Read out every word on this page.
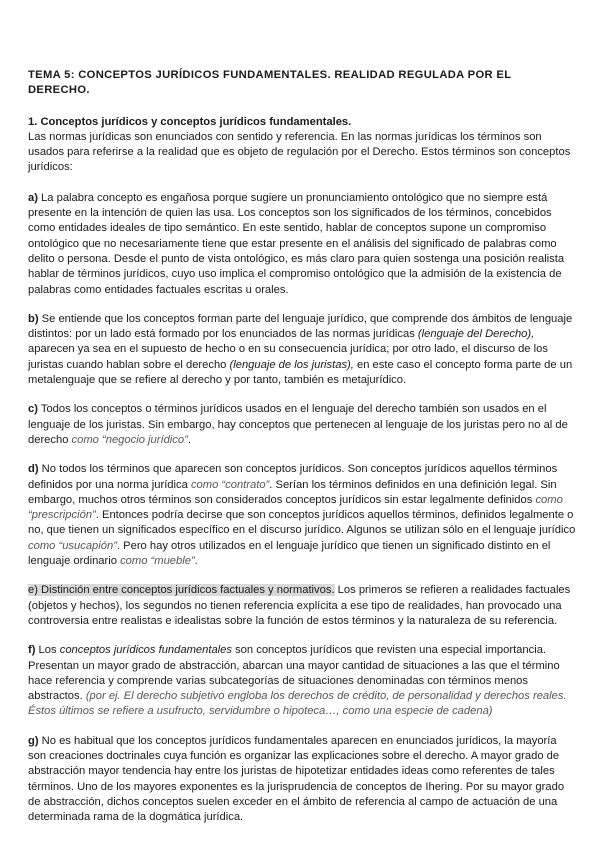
TEMA 5: CONCEPTOS JURÍDICOS FUNDAMENTALES. REALIDAD REGULADA POR EL DERECHO.
1. Conceptos jurídicos y conceptos jurídicos fundamentales.

Las normas jurídicas son enunciados con sentido y referencia. En las normas jurídicas los términos son usados para referirse a la realidad que es objeto de regulación por el Derecho. Estos términos son conceptos jurídicos:

a) La palabra concepto es engañosa porque sugiere un pronunciamiento ontológico que no siempre está presente en la intención de quien las usa. Los conceptos son los significados de los términos, concebidos como entidades ideales de tipo semántico. En este sentido, hablar de conceptos supone un compromiso ontológico que no necesariamente tiene que estar presente en el análisis del significado de palabras como delito o persona. Desde el punto de vista ontológico, es más claro para quien sostenga una posición realista hablar de términos jurídicos, cuyo uso implica el compromiso ontológico que la admisión de la existencia de palabras como entidades factuales escritas u orales.

b) Se entiende que los conceptos forman parte del lenguaje jurídico, que comprende dos ámbitos de lenguaje distintos: por un lado está formado por los enunciados de las normas jurídicas (lenguaje del Derecho), aparecen ya sea en el supuesto de hecho o en su consecuencia jurídica; por otro lado, el discurso de los juristas cuando hablan sobre el derecho (lenguaje de los juristas), en este caso el concepto forma parte de un metalenguaje que se refiere al derecho y por tanto, también es metajurídico.

c) Todos los conceptos o términos jurídicos usados en el lenguaje del derecho también son usados en el lenguaje de los juristas. Sin embargo, hay conceptos que pertenecen al lenguaje de los juristas pero no al de derecho como “negocio jurídico”.

d) No todos los términos que aparecen son conceptos jurídicos. Son conceptos jurídicos aquellos términos definidos por una norma jurídica como “contrato”. Serían los términos definidos en una definición legal. Sin embargo, muchos otros términos son considerados conceptos jurídicos sin estar legalmente definidos como “prescripción”. Entonces podría decirse que son conceptos jurídicos aquellos términos, definidos legalmente o no, que tienen un significados específico en el discurso jurídico. Algunos se utilizan sólo en el lenguaje jurídico como “usucapión”. Pero hay otros utilizados en el lenguaje jurídico que tienen un significado distinto en el lenguaje ordinario como “mueble”.

e) Distinción entre conceptos jurídicos factuales y normativos. Los primeros se refieren a realidades factuales (objetos y hechos), los segundos no tienen referencia explícita a ese tipo de realidades, han provocado una controversia entre realistas e idealistas sobre la función de estos términos y la naturaleza de su referencia.

f) Los conceptos jurídicos fundamentales son conceptos jurídicos que revisten una especial importancia. Presentan un mayor grado de abstracción, abarcan una mayor cantidad de situaciones a las que el término hace referencia y comprende varias subcategorías de situaciones denominadas con términos menos abstractos. (por ej. El derecho subjetivo engloba los derechos de crédito, de personalidad y derechos reales. Éstos últimos se refiere a usufructo, servidumbre o hipoteca…, como una especie de cadena)

g) No es habitual que los conceptos jurídicos fundamentales aparecen en enunciados jurídicos, la mayoría son creaciones doctrinales cuya función es organizar las explicaciones sobre el derecho. A mayor grado de abstracción mayor tendencia hay entre los juristas de hipotetizar entidades ideas como referentes de tales términos. Uno de los mayores exponentes es la jurisprudencia de conceptos de Ihering. Por su mayor grado de abstracción, dichos conceptos suelen exceder en el ámbito de referencia al campo de actuación de una determinada rama de la dogmática jurídica.
